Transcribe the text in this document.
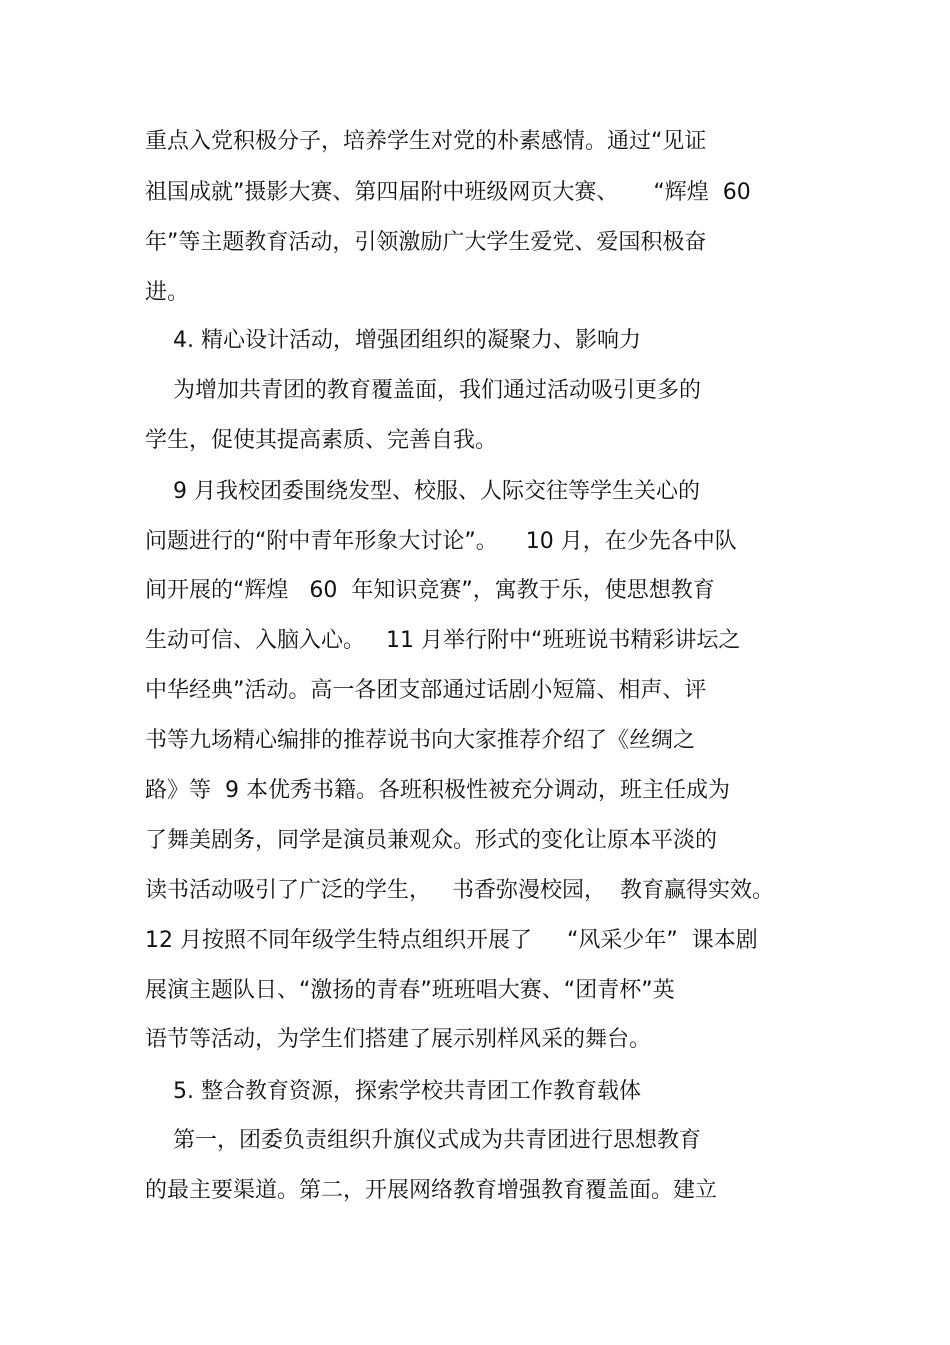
重点入党积极分子，培养学生对党的朴素感情。通过“见证
祖国成就”摄影大赛、第四届附中班级网页大赛、     “辉煌  60
年”等主题教育活动，引领激励广大学生爱党、爱国积极奋
进。
4. 精心设计活动，增强团组织的凝聚力、影响力
为增加共青团的教育覆盖面，我们通过活动吸引更多的
学生，促使其提高素质、完善自我。
9 月我校团委围绕发型、校服、人际交往等学生关心的
问题进行的“附中青年形象大讨论”。    10 月，在少先各中队
间开展的“辉煌   60  年知识竞赛”，寓教于乐，使思想教育
生动可信、入脑入心。   11 月举行附中“班班说书精彩讲坛之
中华经典”活动。高一各团支部通过话剧小短篇、相声、评
书等九场精心编排的推荐说书向大家推荐介绍了《丝绸之
路》等  9 本优秀书籍。各班积极性被充分调动，班主任成为
了舞美剧务，同学是演员兼观众。形式的变化让原本平淡的
读书活动吸引了广泛的学生，   书香弥漫校园，  教育赢得实效。
12 月按照不同年级学生特点组织开展了     “风采少年”  课本剧
展演主题队日、“激扬的青春”班班唱大赛、“团青杯”英
语节等活动，为学生们搭建了展示别样风采的舞台。
5. 整合教育资源，探索学校共青团工作教育载体
第一，团委负责组织升旗仪式成为共青团进行思想教育
的最主要渠道。第二，开展网络教育增强教育覆盖面。建立
